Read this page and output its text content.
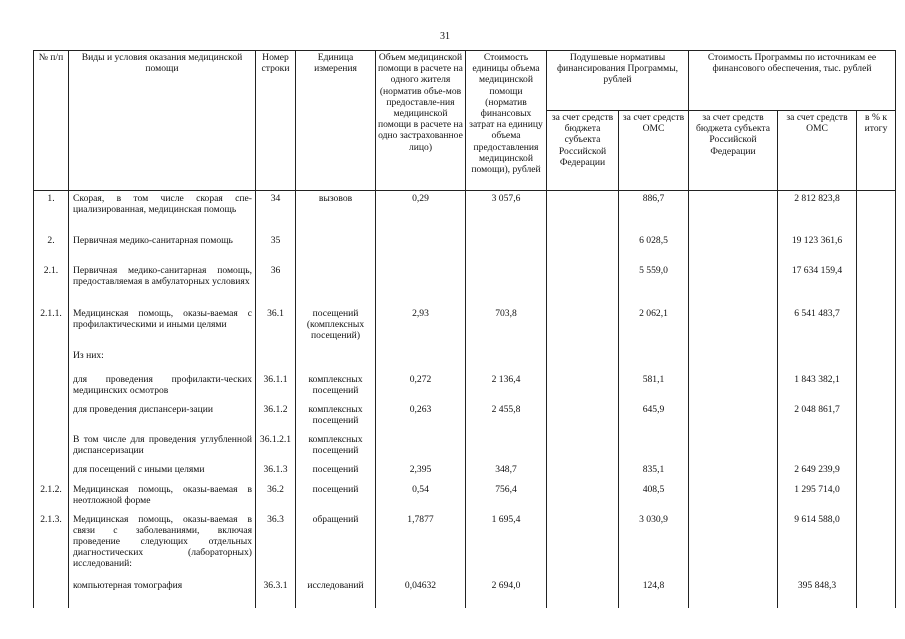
31
№ п/п	Виды и условия оказания медицинской помощи	Номер строки	Единица измерения	Объем медицинской помощи в расчете на одного жителя (норматив объе-мов предоставле-ния медицинской помощи в расчете на одно застрахованное лицо)	Стоимость единицы объема медицинской помощи (норматив финансовых затрат на единицу объема предоставления медицинской помощи), рублей	Подушевые нормативы финансирования Программы, рублей		Стоимость Программы по источникам ее финансового обеспечения, тыс. рублей		
						за счет средств бюджета субъекта Российской Федерации	за счет средств ОМС	за счет средств бюджета субъекта Российской Федерации	за счет средств ОМС	в % к итогу
1.	Скорая, в том числе скорая спе-циализированная, медицинская помощь	34	вызовов	0,29	3 057,6		886,7		2 812 823,8	
2.	Первичная медико-санитарная помощь	35					6 028,5		19 123 361,6	
2.1.	Первичная медико-санитарная помощь, предоставляемая в амбулаторных условиях	36					5 559,0		17 634 159,4	
2.1.1.	Медицинская помощь, оказы-ваемая с профилактическими и иными целями	36.1	посещений (комплексных посещений)	2,93	703,8		2 062,1		6 541 483,7	
	Из них:									
	для проведения профилакти-ческих медицинских осмотров	36.1.1	комплексных посещений	0,272	2 136,4		581,1		1 843 382,1	
	для проведения диспансери-зации	36.1.2	комплексных посещений	0,263	2 455,8		645,9		2 048 861,7	
	В том числе для проведения углубленной диспансеризации	36.1.2.1	комплексных посещений							
	для посещений с иными целями	36.1.3	посещений	2,395	348,7		835,1		2 649 239,9	
2.1.2.	Медицинская помощь, оказы-ваемая в неотложной форме	36.2	посещений	0,54	756,4		408,5		1 295 714,0	
2.1.3.	Медицинская помощь, оказы-ваемая в связи с заболеваниями, включая проведение следующих отдельных диагностических (лабораторных) исследований:	36.3	обращений	1,7877	1 695,4		3 030,9		9 614 588,0	
	компьютерная томография	36.3.1	исследований	0,04632	2 694,0		124,8		395 848,3	
